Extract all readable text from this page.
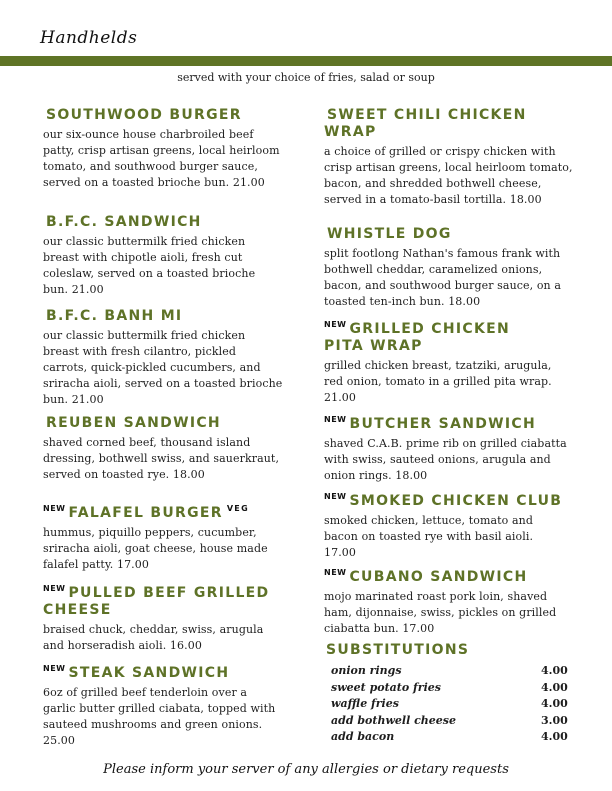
Handhelds
served with your choice of fries, salad or soup
SOUTHWOOD BURGER
our six-ounce house charbroiled beef patty, crisp artisan greens, local heirloom tomato, and southwood burger sauce, served on a toasted brioche bun. 21.00
B.F.C. SANDWICH
our classic buttermilk fried chicken breast with chipotle aioli, fresh cut coleslaw, served on a toasted brioche bun. 21.00
B.F.C. BANH MI
our classic buttermilk fried chicken breast with fresh cilantro, pickled carrots, quick-pickled cucumbers, and sriracha aioli, served on a toasted brioche bun. 21.00
REUBEN SANDWICH
shaved corned beef, thousand island dressing, bothwell swiss, and sauerkraut, served on toasted rye. 18.00
$^{NEW}$ FALAFEL BURGER $^{VEG}$
hummus, piquillo peppers, cucumber, sriracha aioli, goat cheese, house made falafel patty. 17.00
$^{NEW}$ PULLED BEEF GRILLED CHEESE
braised chuck, cheddar, swiss, arugula and horseradish aioli. 16.00
$^{NEW}$ STEAK SANDWICH
6oz of grilled beef tenderloin over a garlic butter grilled ciabata, topped with sauteed mushrooms and green onions. 25.00
SWEET CHILI CHICKEN WRAP
a choice of grilled or crispy chicken with crisp artisan greens, local heirloom tomato, bacon, and shredded bothwell cheese, served in a tomato-basil tortilla. 18.00
WHISTLE DOG
split footlong Nathan's famous frank with bothwell cheddar, caramelized onions, bacon, and southwood burger sauce, on a toasted ten-inch bun. 18.00
$^{NEW}$ GRILLED CHICKEN PITA WRAP
grilled chicken breast, tzatziki, arugula, red onion, tomato in a grilled pita wrap. 21.00
$^{NEW}$ BUTCHER SANDWICH
shaved C.A.B. prime rib on grilled ciabatta with swiss, sauteed onions, arugula and onion rings. 18.00
$^{NEW}$ SMOKED CHICKEN CLUB
smoked chicken, lettuce, tomato and bacon on toasted rye with basil aioli. 17.00
$^{NEW}$ CUBANO SANDWICH
mojo marinated roast pork loin, shaved ham, dijonnaise, swiss, pickles on grilled ciabatta bun. 17.00
SUBSTITUTIONS
onion rings	4.00
sweet potato fries	4.00
waffle fries	4.00
add bothwell cheese	3.00
add bacon	4.00
Please inform your server of any allergies or dietary requests
